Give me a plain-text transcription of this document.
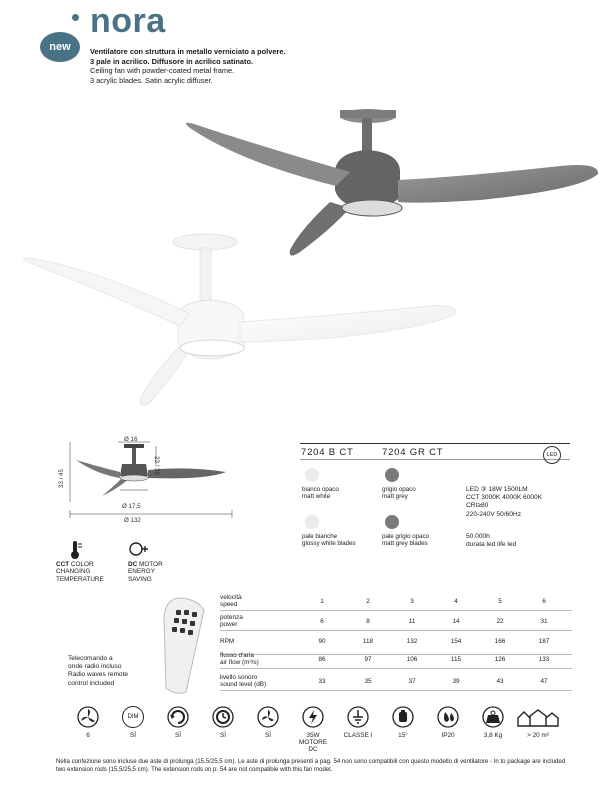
new
nora
Ventilatore con struttura in metallo verniciato a polvere.
3 pale in acrilico. Diffusore in acrilico satinato.
Ceiling fan with powder-coated metal frame.
3 acrylic blades. Satin acrylic diffuser.
Ø 16
23 / 38
33 / 45
Ø 17,5
Ø 132
CCT COLOR
CHANGING
TEMPERATURE
DC MOTOR
ENERGY
SAVING
7204 B CT	7204 GR CT	LED
bianco opaco
matt white
grigio opaco
matt grey
pale bianche
glossy white blades
pale grigio opaco
matt grey blades
LED ③ 18W 1500LM
CCT 3000K 4000K 6000K
CRI≥80
220-240V 50/60Hz
50.000h
durata led life led
Telecomando a
onde radio incluso
Radio waves remote
control included
velocità
speed	1	2	3	4	5	6
potenza
power	6	8	11	14	22	31
RPM	90	118	132	154	166	187
flusso d'aria
air flow (m³/s)	86	97	106	115	126	133
livello sonoro
sound level (dB)	33	35	37	39	43	47
6
DIM
SÌ	SÌ	SÌ	SÌ	35W
MOTORE
DC
CLASSE I	15°	IP20	3,8 Kg	> 20 m²
Nella confezione sono incluse due aste di prolunga (15,5/25,5 cm). Le aste di prolunga presenti a pag. 54 non sono compatibili con questo modello di ventilatore - In to package are included two extension rods (15,5/25,5 cm). The extension rods on p. 54 are not compatible with this fan model.
